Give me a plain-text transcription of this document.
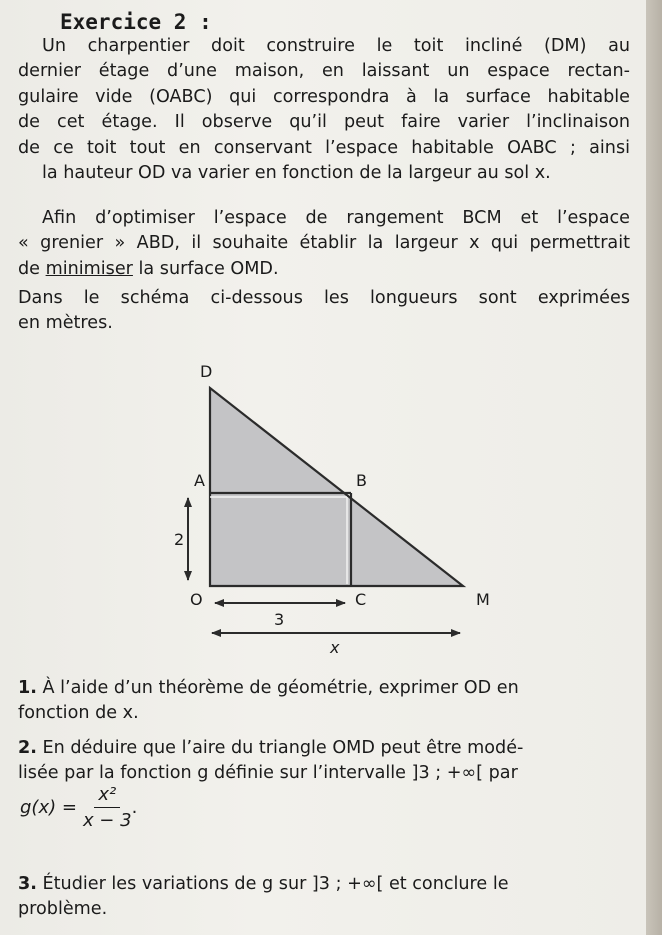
Exercice 2 :
Un charpentier doit construire le toit incliné (DM) au
dernier étage d’une maison, en laissant un espace rectan-
gulaire vide (OABC) qui correspondra à la surface habitable
de cet étage. Il observe qu’il peut faire varier l’inclinaison
de ce toit tout en conservant l’espace habitable OABC ; ainsi
la hauteur OD va varier en fonction de la largeur au sol x.
Afin d’optimiser l’espace de rangement BCM et l’espace
« grenier » ABD, il souhaite établir la largeur x qui permettrait
de minimiser la surface OMD.
Dans le schéma ci-dessous les longueurs sont exprimées
en mètres.
D
A	B
O	C	M
2
3
x
1. À l’aide d’un théorème de géométrie, exprimer OD en
fonction de x.
2. En déduire que l’aire du triangle OMD peut être modé-
lisée par la fonction g définie sur l’intervalle ]3 ; +∞[ par
$g(x) = \frac{\text{x²}}{x - 3}$ .
3. Étudier les variations de g sur ]3 ; +∞[ et conclure le
problème.
